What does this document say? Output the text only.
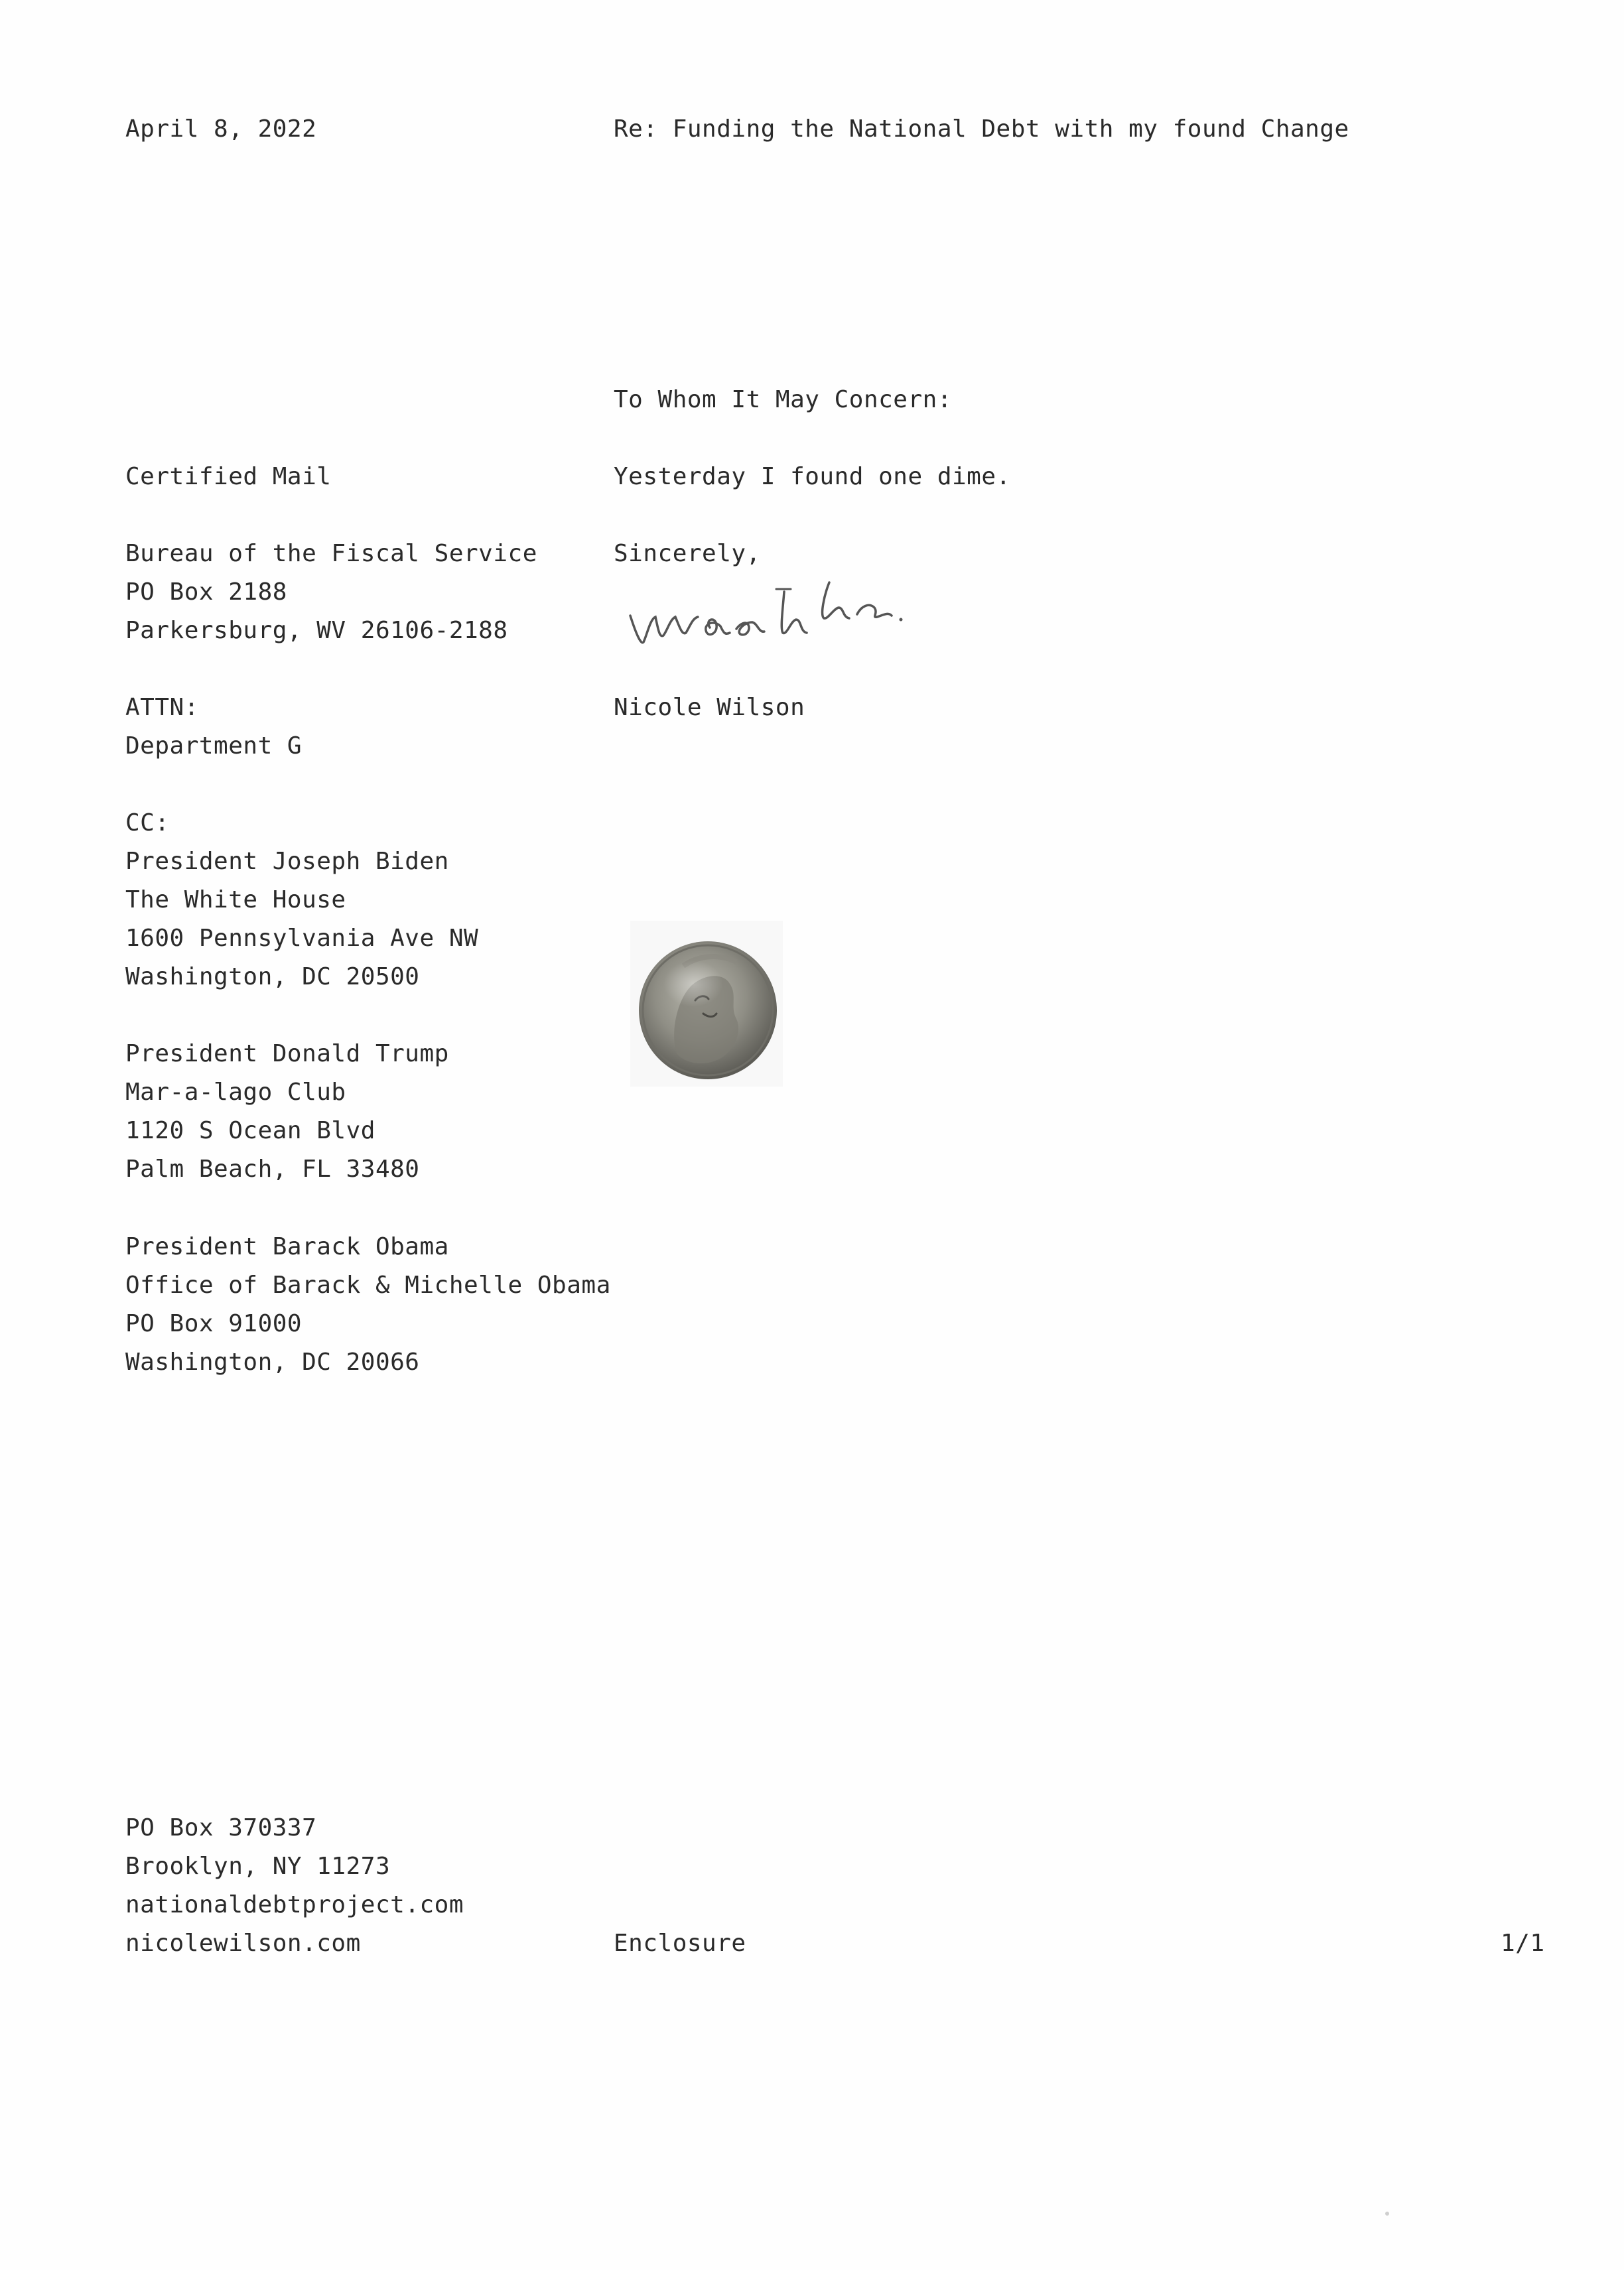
April 8, 2022	Re: Funding the National Debt with my found Change
To Whom It May Concern:
Yesterday I found one dime.
Sincerely,
Nicole Wilson
Certified Mail
Bureau of the Fiscal Service
PO Box 2188
Parkersburg, WV 26106-2188
ATTN:
Department G
CC:
President Joseph Biden
The White House
1600 Pennsylvania Ave NW
Washington, DC 20500
President Donald Trump
Mar-a-lago Club
1120 S Ocean Blvd
Palm Beach, FL 33480
President Barack Obama
Office of Barack & Michelle Obama
PO Box 91000
Washington, DC 20066
PO Box 370337
Brooklyn, NY 11273
nationaldebtproject.com
nicolewilson.com	Enclosure	1/1
